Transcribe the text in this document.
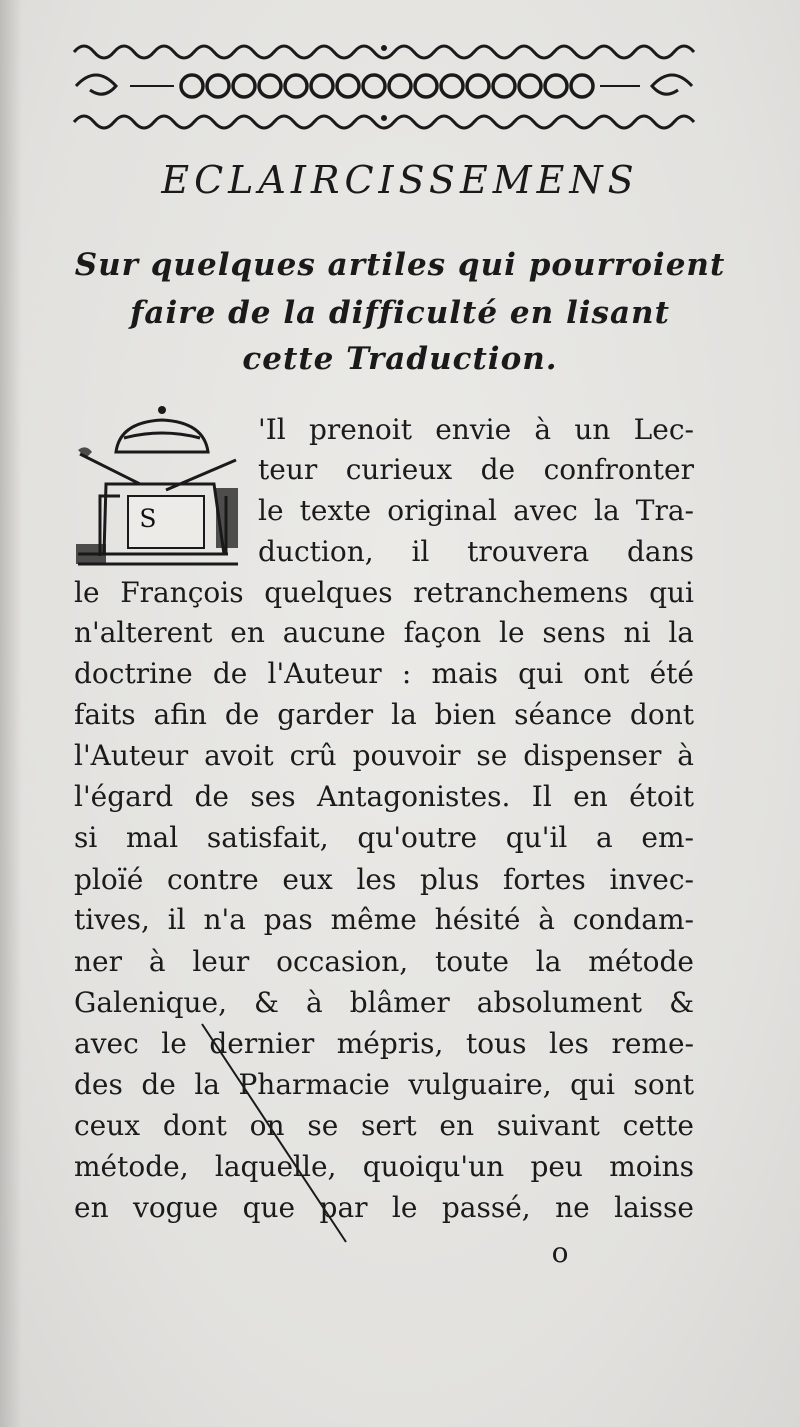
ECLAIRCISSEMENS
Sur quelques artiles qui pourroient
faire de la difficulté en lisant
cette Traduction.
S

'Il prenoit envie à un Lec-

teur curieux de confronter

le texte original avec la Tra-

duction, il trouvera dans

le François quelques retranchemens qui

n'alterent en aucune façon le sens ni la

doctrine de l'Auteur : mais qui ont été

faits afin de garder la bien séance dont

l'Auteur avoit crû pouvoir se dispenser à

l'égard de ses Antagonistes. Il en étoit

si mal satisfait, qu'outre qu'il a em-

ploïé contre eux les plus fortes invec-

tives, il n'a pas même hésité à condam-

ner à leur occasion, toute la métode

Galenique, & à blâmer absolument &

avec le dernier mépris, tous les reme-

des de la Pharmacie vulguaire, qui sont

ceux dont on se sert en suivant cette

métode, laquelle, quoiqu'un peu moins

en vogue que par le passé, ne laisse

o
